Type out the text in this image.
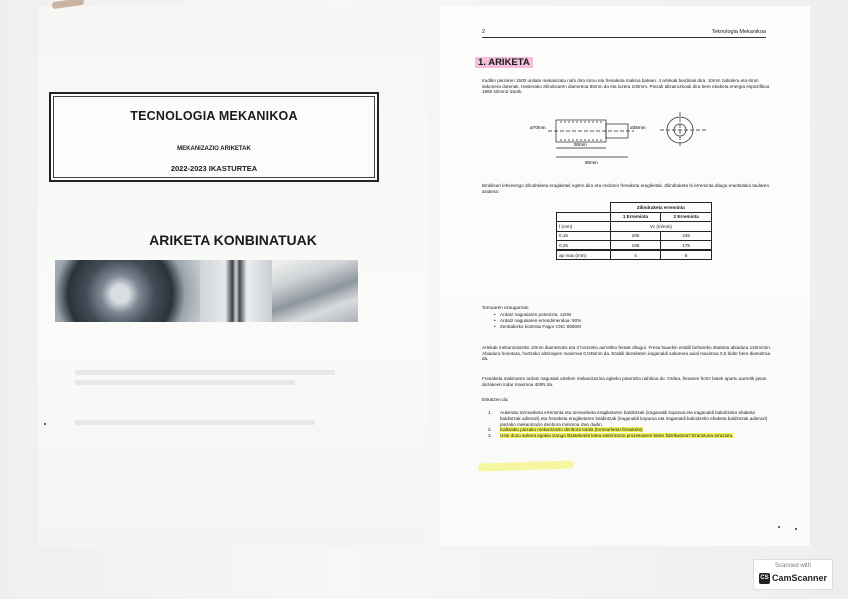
TECNOLOGIA MEKANIKOA
MEKANIZAZIO ARIKETAK
2022-2023 IKASTURTEA
ARIKETA KONBINATUAK
2	Teknologia Mekanikoa
1. ARIKETA
Irudiko piezaren 1500 unitate mekanizatu nahi dira tornu eta fresaketa makina batean. 4 artekak berdinak dira, 10mm zabalera eta 6mm sakonera dutenak. Hasierako zilindroaren diametroa 80mm da eta luzera 100mm. Piezak altzairuzkoak dira bere ebaketa energia espezifikoa 1960 N/mm2 izanik.
ø70mm	ø35mm
50mm
80mm
Binbilean lehenengo zilindraketa eragiketak egiten dira eta ondoren fresaketa eragiketak. Zilindraketa bi erreminta ditugu erantsitako taularen arabera:
	Zilindraketa erreminta	
	1 Erreminta	2 Erreminta
f (mm)	Vc (m/min)	
0,15	280	245
0,25	195	175
ap max (mm)	4	6
Tornuaren ezaugarriak:
• Ardatz nagusiaren potentzia: 11kW
• Ardatz nagusiaren errendimendua: 90%
• Zenbakizko kontrola Fagor CNC 8060M
Artekak mekanizatzeko 10mm diametroko eta 2 hortzeko aurretiko fresak dituguì. Fresa hauekin erabili behareko ebaketa abiadura 140m/min. Abiadura honetara, hortzeko aitzinapen maximoa 0,045mm da. Erabili dezaketen iraganaldi sakonera axial maximoa 0,5 bider bere diametroa da.
Fresaketa makinaren ardatz nagusiak arteken mekanizazioa egiteko potentzia nahikoa du. Ordea, fresaren hortz batek apurtu aurretik jasan dezakeen indar maximoa 400N da.
Eskatzen da:
1. Aukeratu tornearketa erreminta eta tornearketa eragiketaren baldintzak (iraganaldi kopurua eta iraganaldi bakoitzeko ebaketa baldintzak adierazi) eta fresaketa eragiketaren baldintzak (iraganaldi kopurua eta iraganaldi bakoitzeko ebaketa baldintzak adierazi) piezako mekanizazio denbora minimoa izan dadin.
2. Kalkulatu piezako mekanizazio denbora totala (tornearketa+fresaketa)
3. Uste duzu aukera egokia izango litzatekeela lotea sinterizazio prozesuaren bidez fabrikatzea? Erantzuna arrazoitu.
Scanned with
CS CamScanner
